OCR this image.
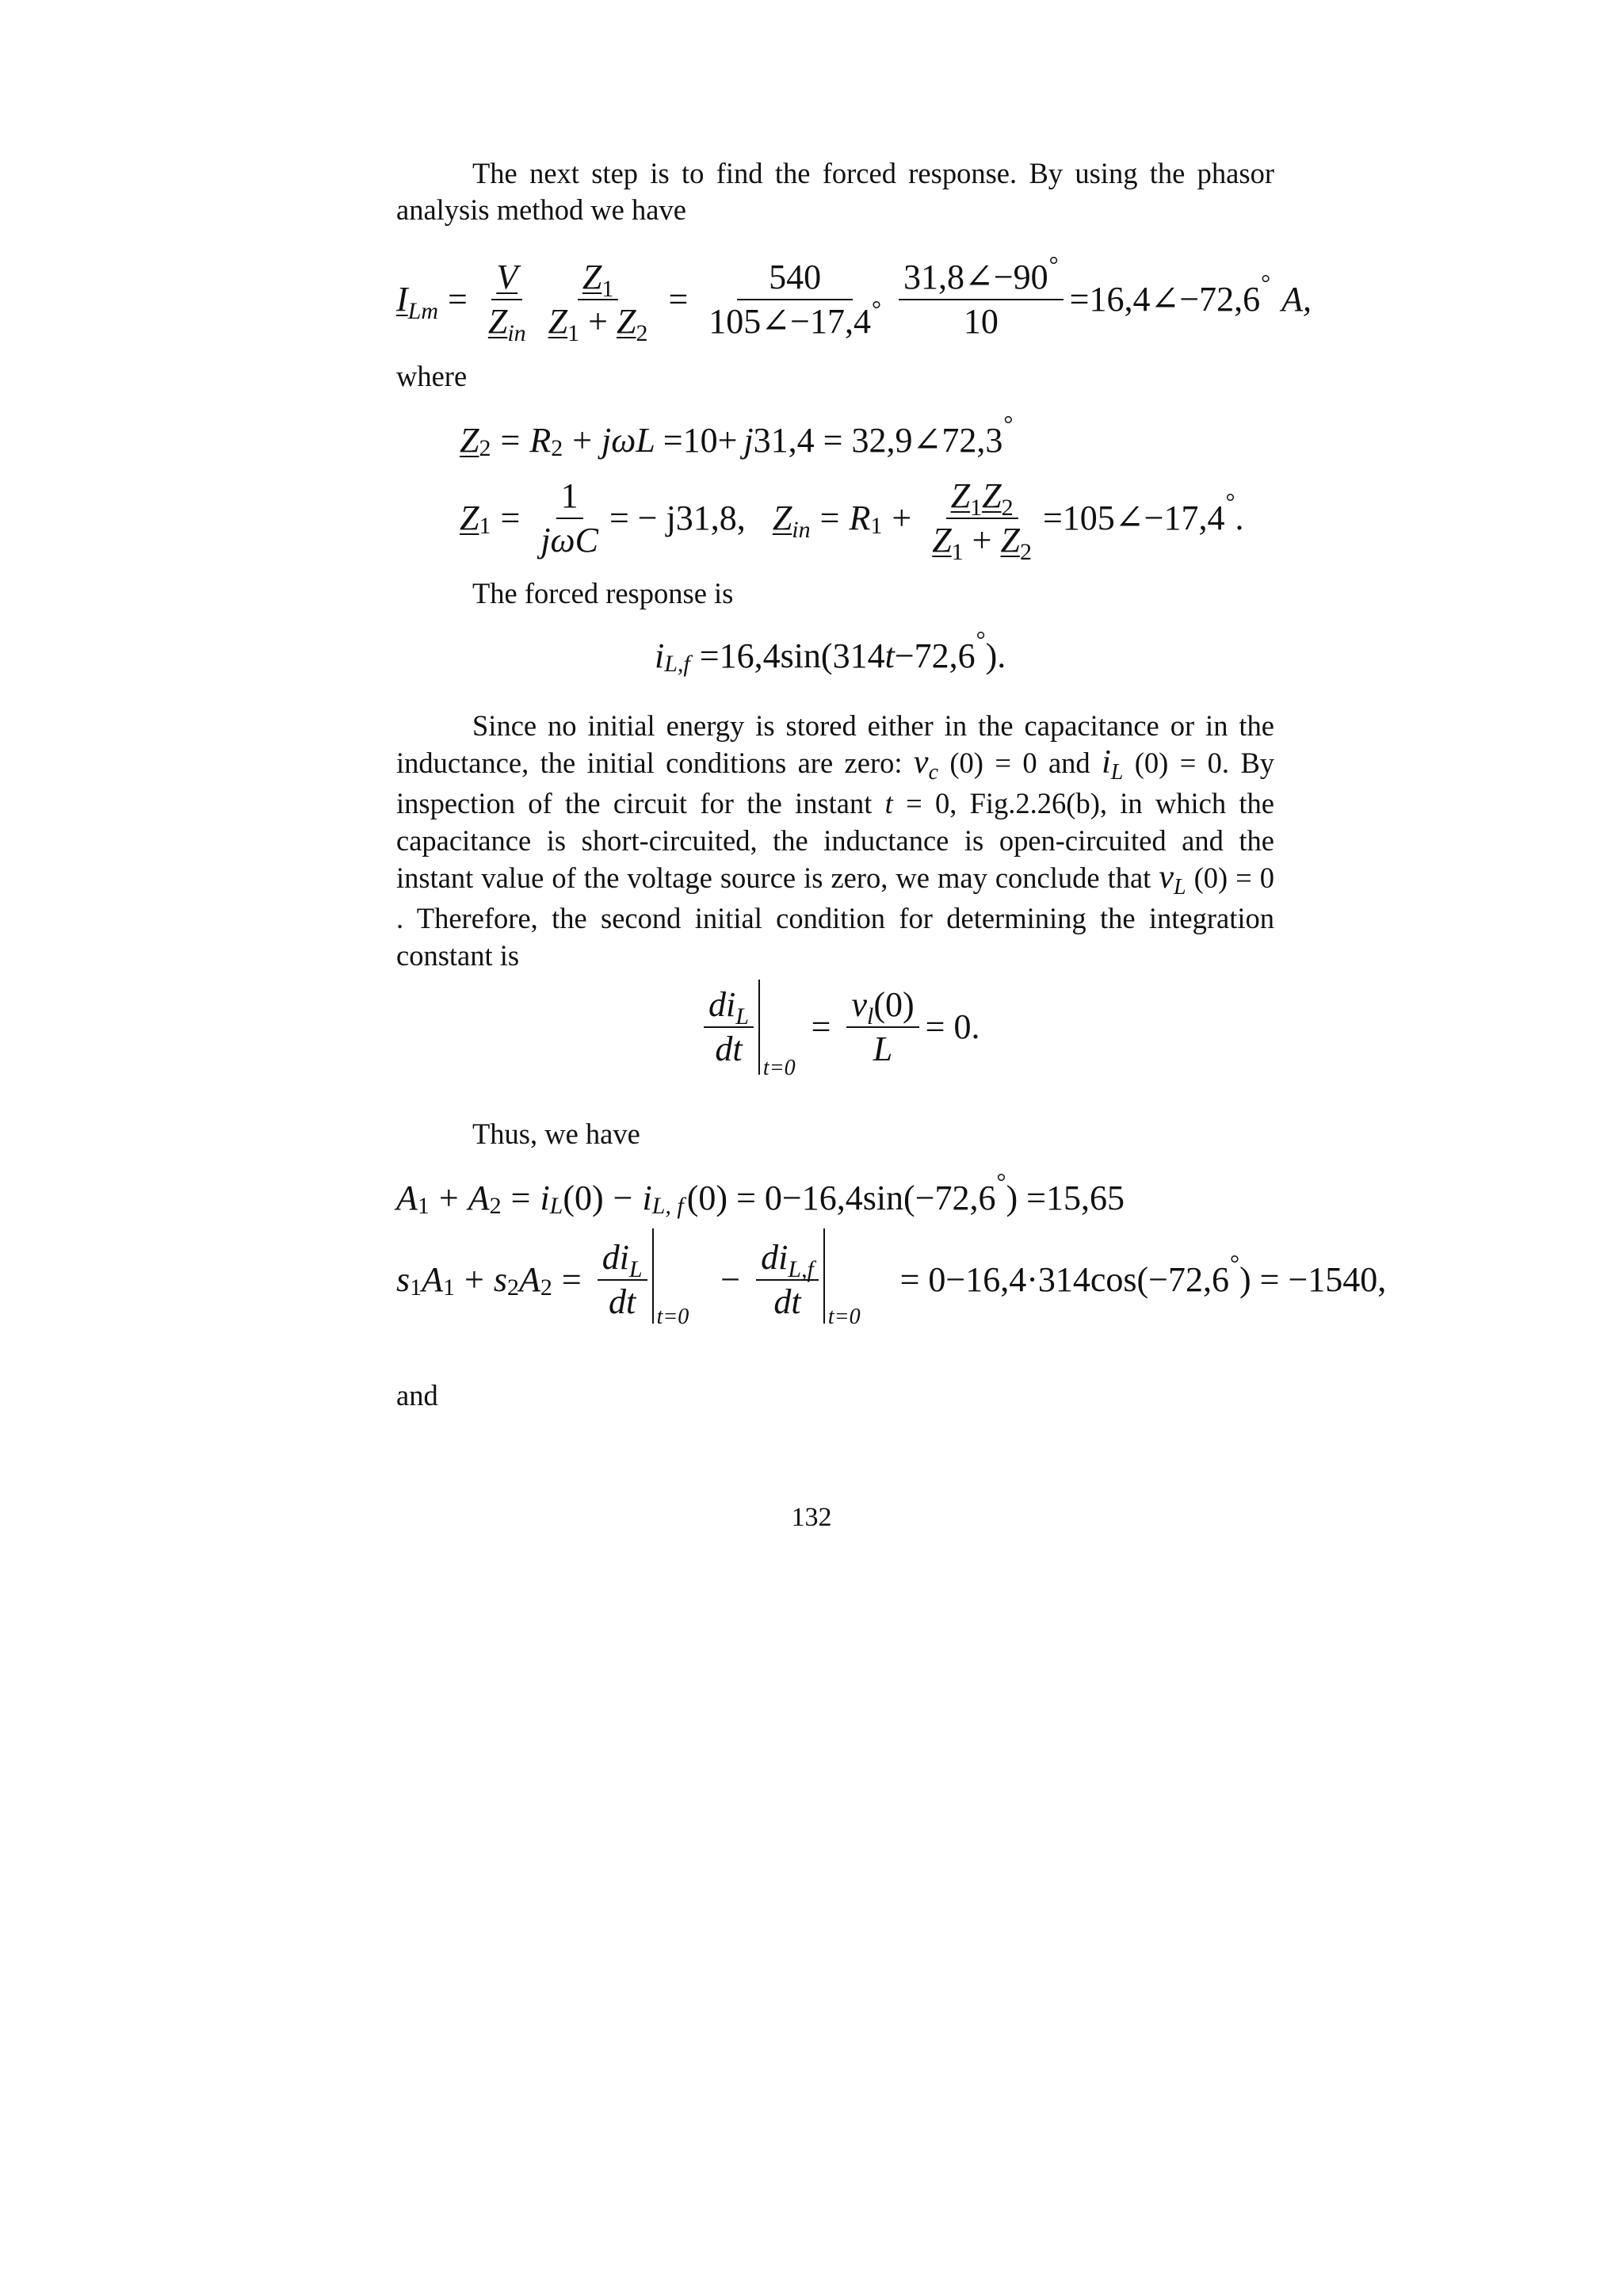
The next step is to find the forced response. By using the phasor analysis method we have
$I_{Lm} = \frac{V}{Z_{in}} \frac{Z_1}{Z_1 + Z_2} = \frac{540}{105\angle-17,4^\circ} \frac{31,8\angle-90^\circ}{10}$ =16,4∠−72,6 ° A,
where
Z 2 = R 2 + jωL =10+ j 31,4 = 32,9∠72,3 °
Z $1 = \frac{1}{\text{jωC}}$ = − j31,8, $Z_{in} = R$ $1 + \frac{Z_1Z_2}{Z_1 + Z_2}$ =105∠−17,4 ° .
The forced response is
i L,f =16,4sin(314 t −72,6 ° ).
Since no initial energy is stored either in the capacitance or in the inductance, the initial conditions are zero: $v_c$ (0) = 0 and $i_L$ (0) = 0. By inspection of the circuit for the instant t = 0, Fig.2.26(b), in which the capacitance is short-circuited, the inductance is open-circuited and the instant value of the voltage source is zero, we may conclude that $v_L$ (0) = 0 . Therefore, the second initial condition for determining the integration constant is
$\frac{di_L}{dt}$
t=0
= $\frac{v_l(0)}{L} = 0$.
Thus, we have
A 1 + A 2 = i L (0) − i L, f (0) = 0−16,4sin(−72,6 ° ) =15,65
s 1 A 1 + s 2 A $2 = \frac{di_L}{dt} t=0$
− $\frac{di_{L,f}}{dt} t=0$
= 0−16,4·314cos(−72,6 ° ) = −1540,
and
132
